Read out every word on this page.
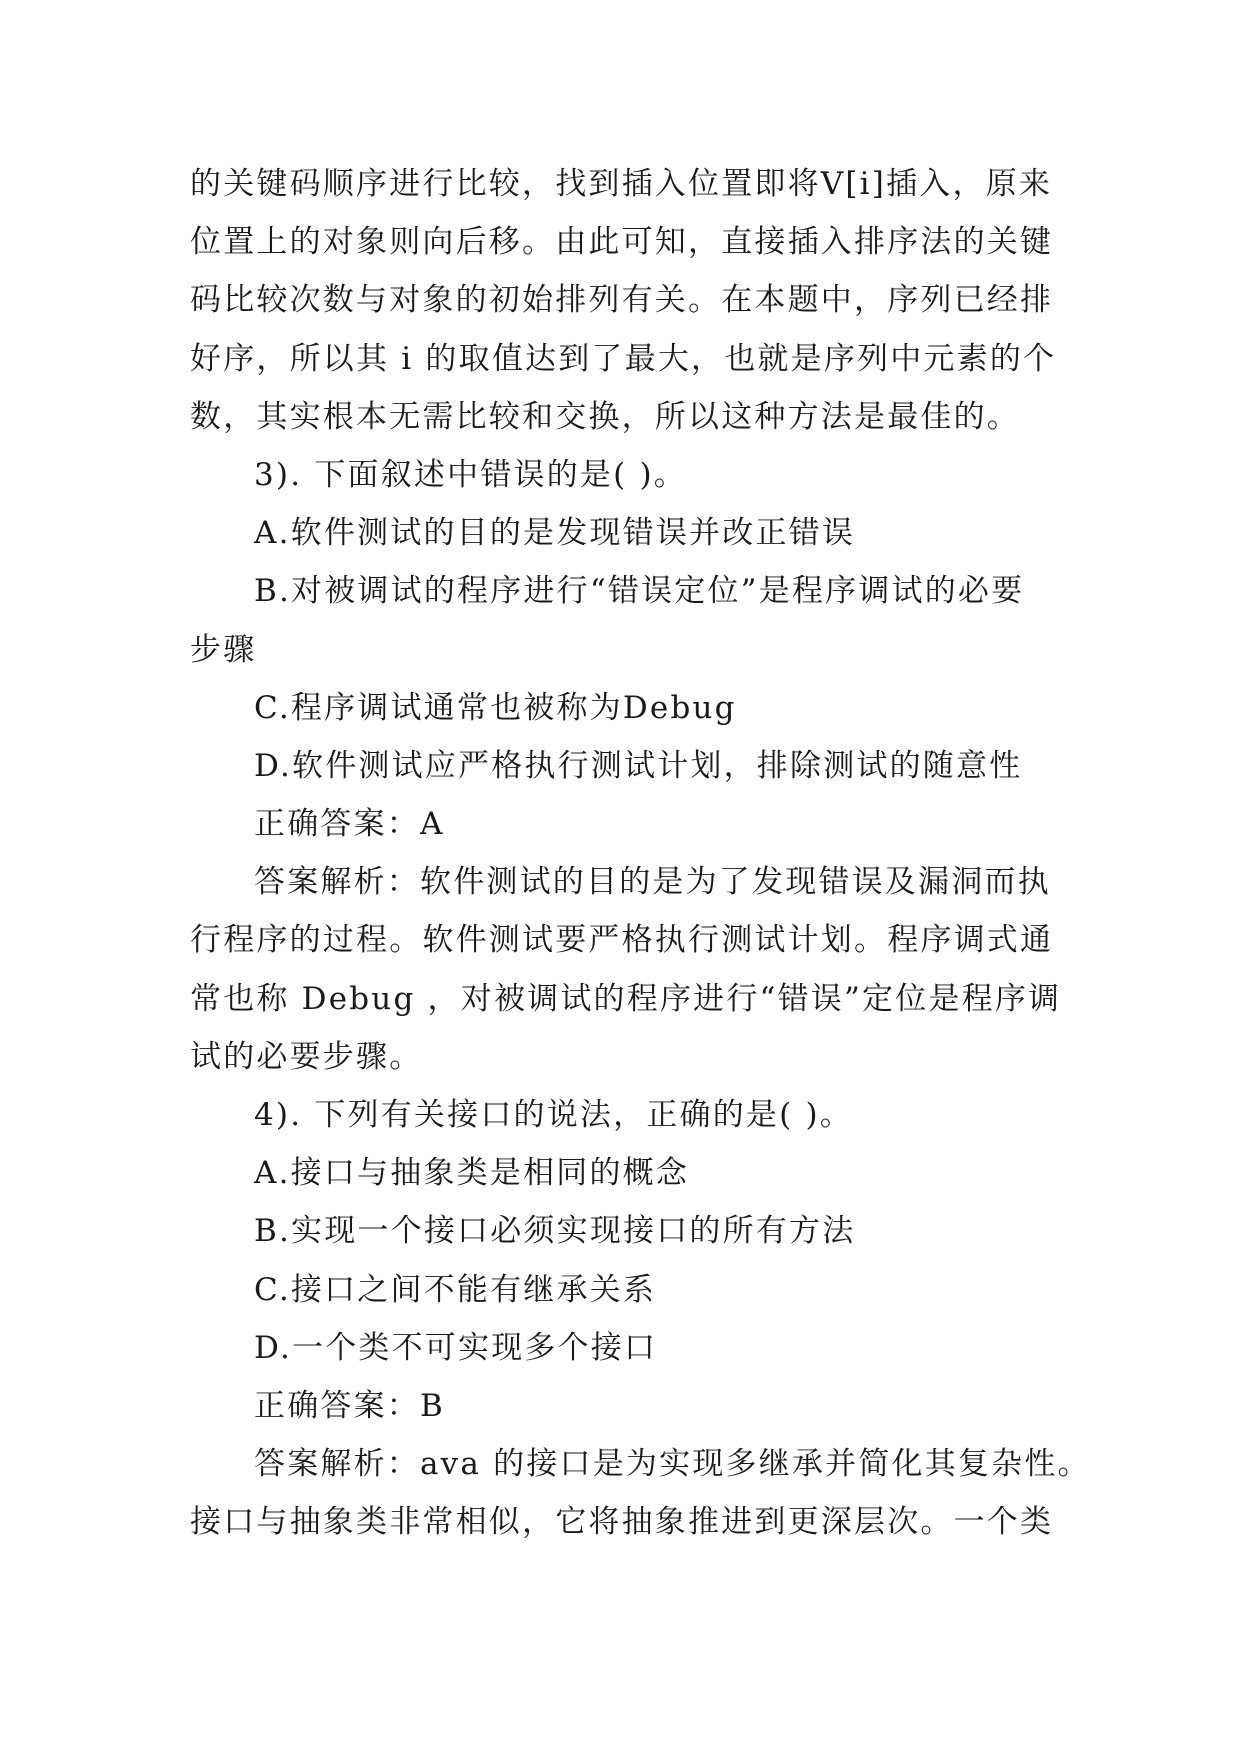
的关键码顺序进行比较，找到插入位置即将V[i]插入，原来
位置上的对象则向后移。由此可知，直接插入排序法的关键
码比较次数与对象的初始排列有关。在本题中，序列已经排
好序，所以其 i 的取值达到了最大，也就是序列中元素的个
数，其实根本无需比较和交换，所以这种方法是最佳的。
3). 下面叙述中错误的是( )。
A.软件测试的目的是发现错误并改正错误
B.对被调试的程序进行“错误定位”是程序调试的必要
步骤
C.程序调试通常也被称为Debug
D.软件测试应严格执行测试计划，排除测试的随意性
正确答案：A
答案解析：软件测试的目的是为了发现错误及漏洞而执
行程序的过程。软件测试要严格执行测试计划。程序调式通
常也称 Debug ，对被调试的程序进行“错误”定位是程序调
试的必要步骤。
4). 下列有关接口的说法，正确的是( )。
A.接口与抽象类是相同的概念
B.实现一个接口必须实现接口的所有方法
C.接口之间不能有继承关系
D.一个类不可实现多个接口
正确答案：B
答案解析：ava 的接口是为实现多继承并简化其复杂性。
接口与抽象类非常相似，它将抽象推进到更深层次。一个类
